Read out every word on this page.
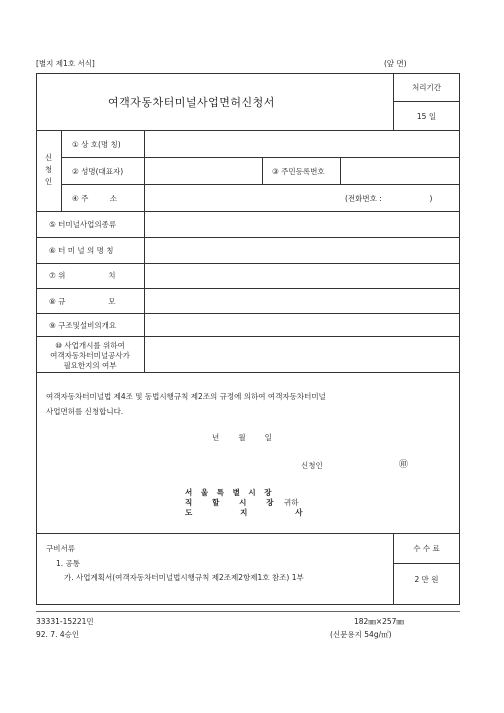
[별지 제1호 서식]	(앞 면)
여객자동차터미널사업면허신청서
처리기간
15 일
신
청
인
① 상 호(명 칭)
② 성명(대표자)	③ 주민등록번호
④ 주         소	(전화번호 :                    )
⑤ 터미널사업의종류
⑥ 터 미 널 의 명 칭
⑦ 위                  치
⑧ 규                  모
⑨ 구조및설비의개요
⑩ 사업개시를 위하여
여객자동차터미널공사가
필요한지의 여부
여객자동차터미널법 제4조 및 동법시행규칙 제2조의 규정에 의하여 여객자동차터미널
사업면허를 신청합니다.
년        월        일
신청인	㊞
서 울 특 별 시 장
직   할   시   장
도        지        사
귀하
구비서류
1. 공통
가. 사업계획서(여객자동차터미널법시행규칙 제2조제2항제1호 참조) 1부
수 수 료
2 만 원
33331-15221민	182㎜×257㎜
92. 7. 4승인	(신문용지 54g/㎡)
